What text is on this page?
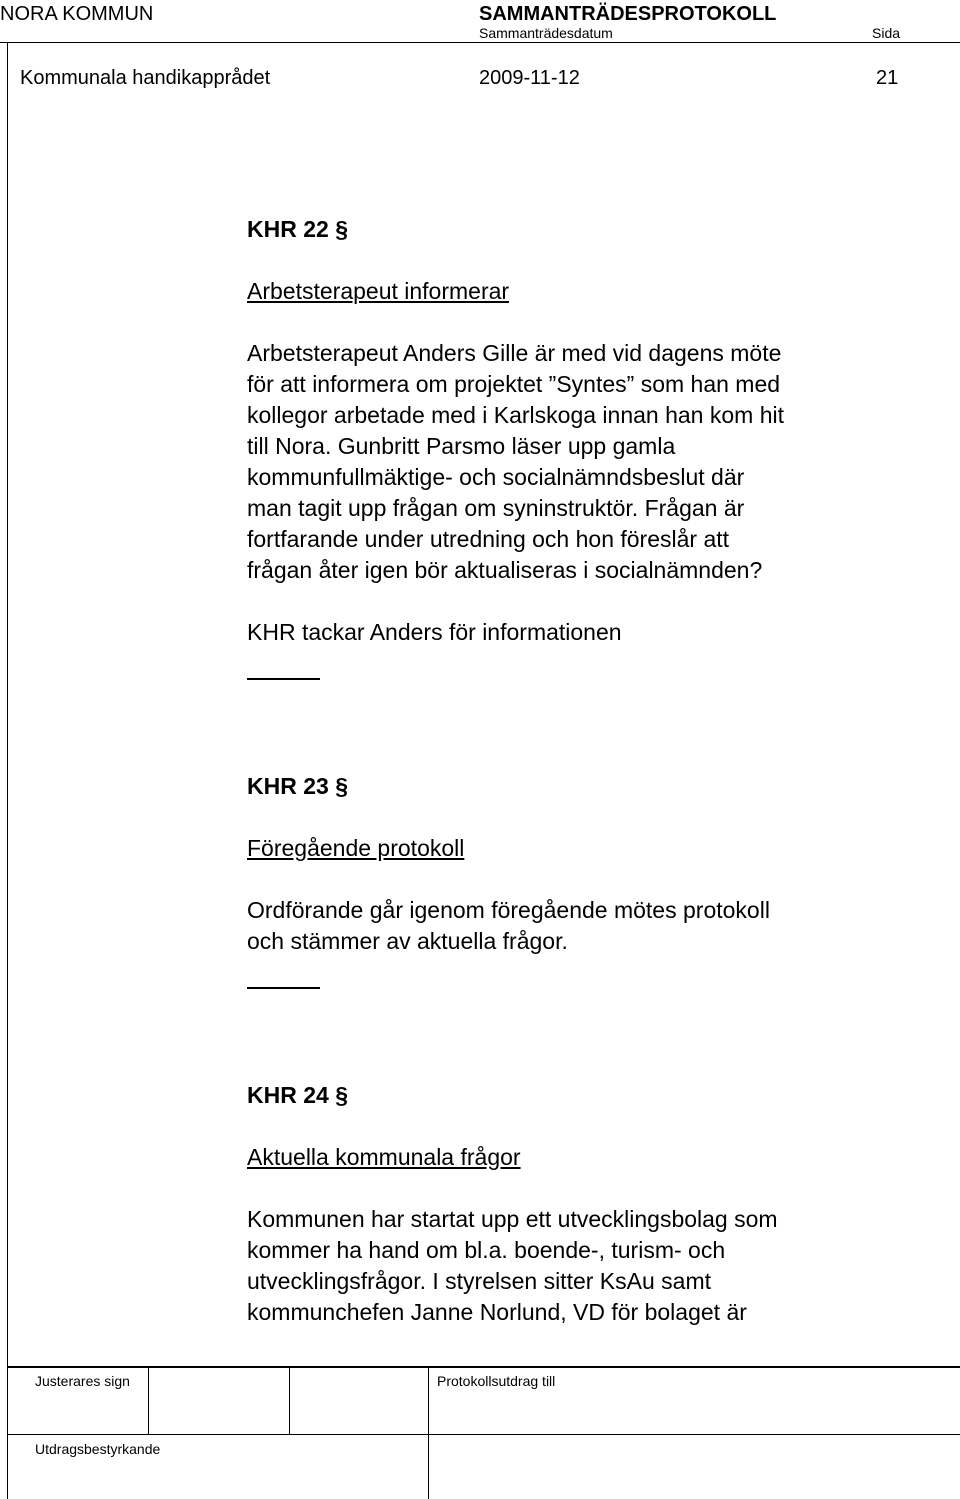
NORA KOMMUN	SAMMANTRÄDESPROTOKOLL
Sammanträdesdatum	Sida
Kommunala handikapprådet	2009-11-12	21
KHR 22 §
Arbetsterapeut informerar
Arbetsterapeut Anders Gille är med vid dagens möte
för att informera om projektet ”Syntes” som han med
kollegor arbetade med i Karlskoga innan han kom hit
till Nora. Gunbritt Parsmo läser upp gamla
kommunfullmäktige- och socialnämndsbeslut där
man tagit upp frågan om syninstruktör. Frågan är
fortfarande under utredning och hon föreslår att
frågan åter igen bör aktualiseras i socialnämnden?
KHR tackar Anders för informationen
KHR 23 §
Föregående protokoll
Ordförande går igenom föregående mötes protokoll
och stämmer av aktuella frågor.
KHR 24 §
Aktuella kommunala frågor
Kommunen har startat upp ett utvecklingsbolag som
kommer ha hand om bl.a. boende-, turism- och
utvecklingsfrågor. I styrelsen sitter KsAu samt
kommunchefen Janne Norlund, VD för bolaget är
Justerares sign	Protokollsutdrag till
Utdragsbestyrkande
